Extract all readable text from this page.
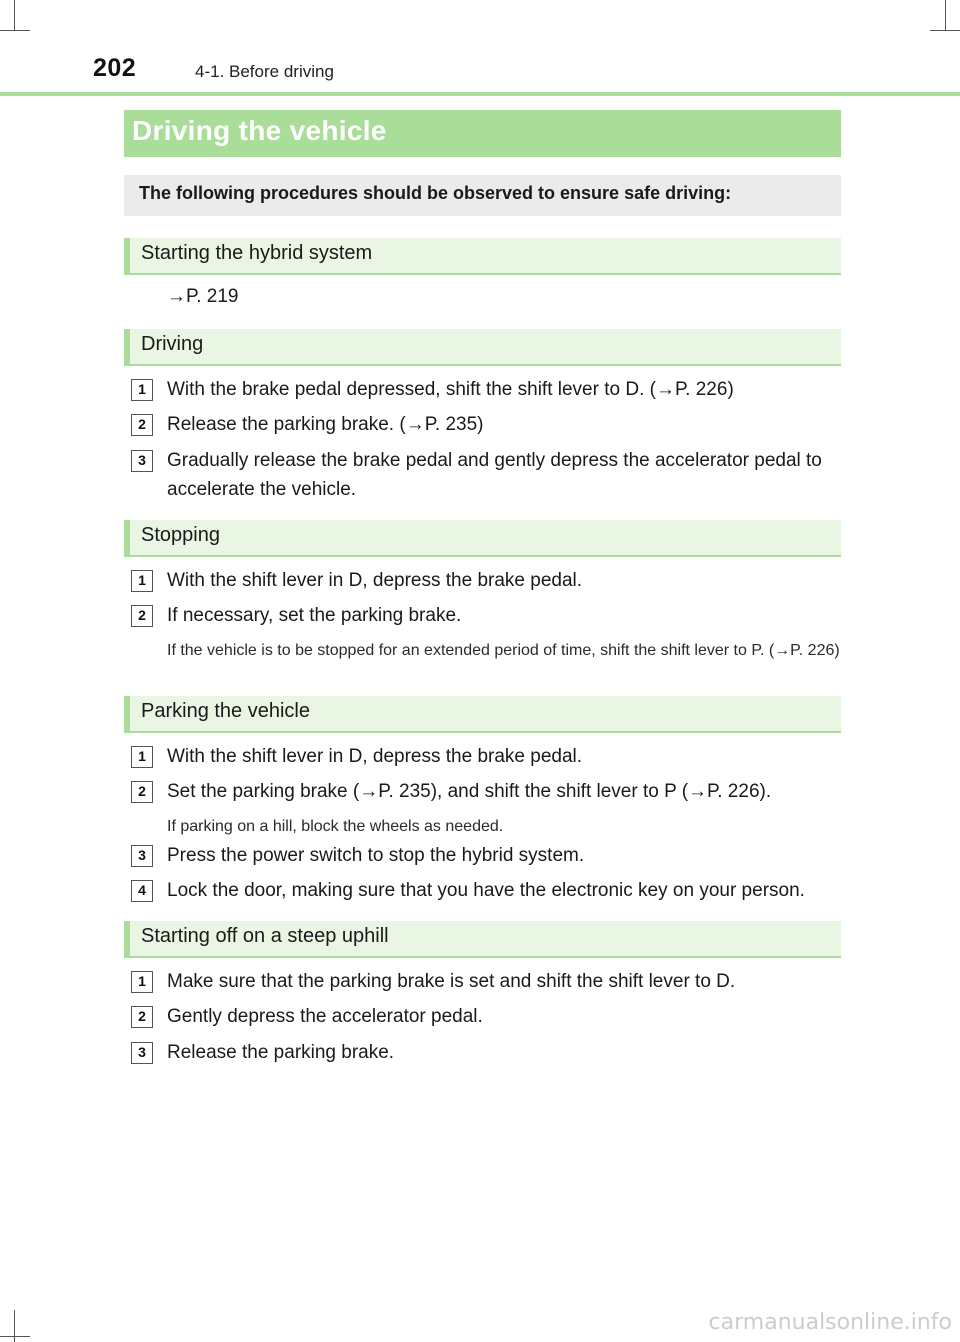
202	4-1. Before driving
Driving the vehicle
The following procedures should be observed to ensure safe driving:
Starting the hybrid system
→P. 219
Driving
1	With the brake pedal depressed, shift the shift lever to D. (→P. 226)
2	Release the parking brake. (→P. 235)
3	Gradually release the brake pedal and gently depress the accelerator pedal to accelerate the vehicle.
Stopping
1	With the shift lever in D, depress the brake pedal.
2	If necessary, set the parking brake.
If the vehicle is to be stopped for an extended period of time, shift the shift lever to P. (→P. 226)
Parking the vehicle
1	With the shift lever in D, depress the brake pedal.
2	Set the parking brake (→P. 235), and shift the shift lever to P (→P. 226).
If parking on a hill, block the wheels as needed.
3	Press the power switch to stop the hybrid system.
4	Lock the door, making sure that you have the electronic key on your person.
Starting off on a steep uphill
1	Make sure that the parking brake is set and shift the shift lever to D.
2	Gently depress the accelerator pedal.
3	Release the parking brake.
carmanualsonline.info
